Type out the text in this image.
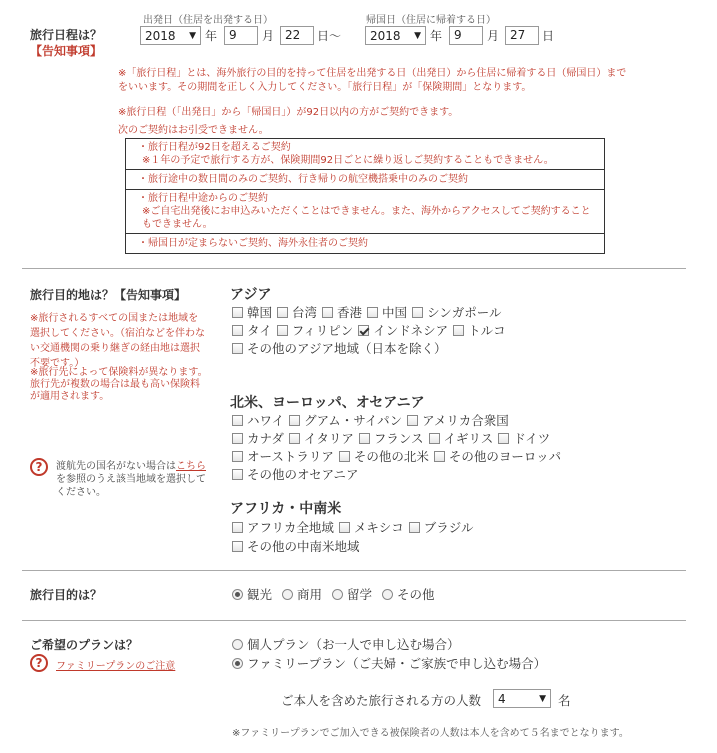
旅行日程は？
【告知事項】
出発日（住居を出発する日）	帰国日（住居に帰着する日）
2018 ▼ 年 9	月 22	日～ 2018 ▼ 年 9	月 27	日
※「旅行日程」とは、海外旅行の目的を持って住居を出発する日（出発日）から住居に帰着する日（帰国日）までをいいます。その期間を正しく入力してください。「旅行日程」が「保険期間」となります。
※旅行日程（「出発日」から「帰国日」）が92日以内の方がご契約できます。
次のご契約はお引受できません。
・旅行日程が92日を超えるご契約
※１年の予定で旅行する方が、保険期間92日ごとに繰り返しご契約することもできません。
・旅行途中の数日間のみのご契約、行き帰りの航空機搭乗中のみのご契約
・旅行日程中途からのご契約
※ご自宅出発後にお申込みいただくことはできません。また、海外からアクセスしてご契約することもできません。
・帰国日が定まらないご契約、海外永住者のご契約
旅行目的地は？【告知事項】
※旅行されるすべての国または地域を選択してください。（宿泊などを伴わない交通機関の乗り継ぎの経由地は選択不要です。）
※旅行先によって保険料が異なります。旅行先が複数の場合は最も高い保険料が適用されます。
?	渡航先の国名がない場合はこちらを参照のうえ該当地域を選択してください。
アジア
韓国 台湾 香港 中国 シンガポール
タイ フィリピン インドネシア トルコ
その他のアジア地域（日本を除く）
北米、ヨーロッパ、オセアニア
ハワイ グアム・サイパン アメリカ合衆国
カナダ イタリア フランス イギリス ドイツ
オーストラリア その他の北米 その他のヨーロッパ
その他のオセアニア
アフリカ・中南米
アフリカ全地域 メキシコ ブラジル
その他の中南米地域
旅行目的は？	観光 商用 留学 その他
ご希望のプランは？
?	ファミリープランのご注意
個人プラン（お一人で申し込む場合）
ファミリープラン（ご夫婦・ご家族で申し込む場合）
ご本人を含めた旅行される方の人数 4	▼ 名
※ファミリープランでご加入できる被保険者の人数は本人を含めて５名までとなります。
